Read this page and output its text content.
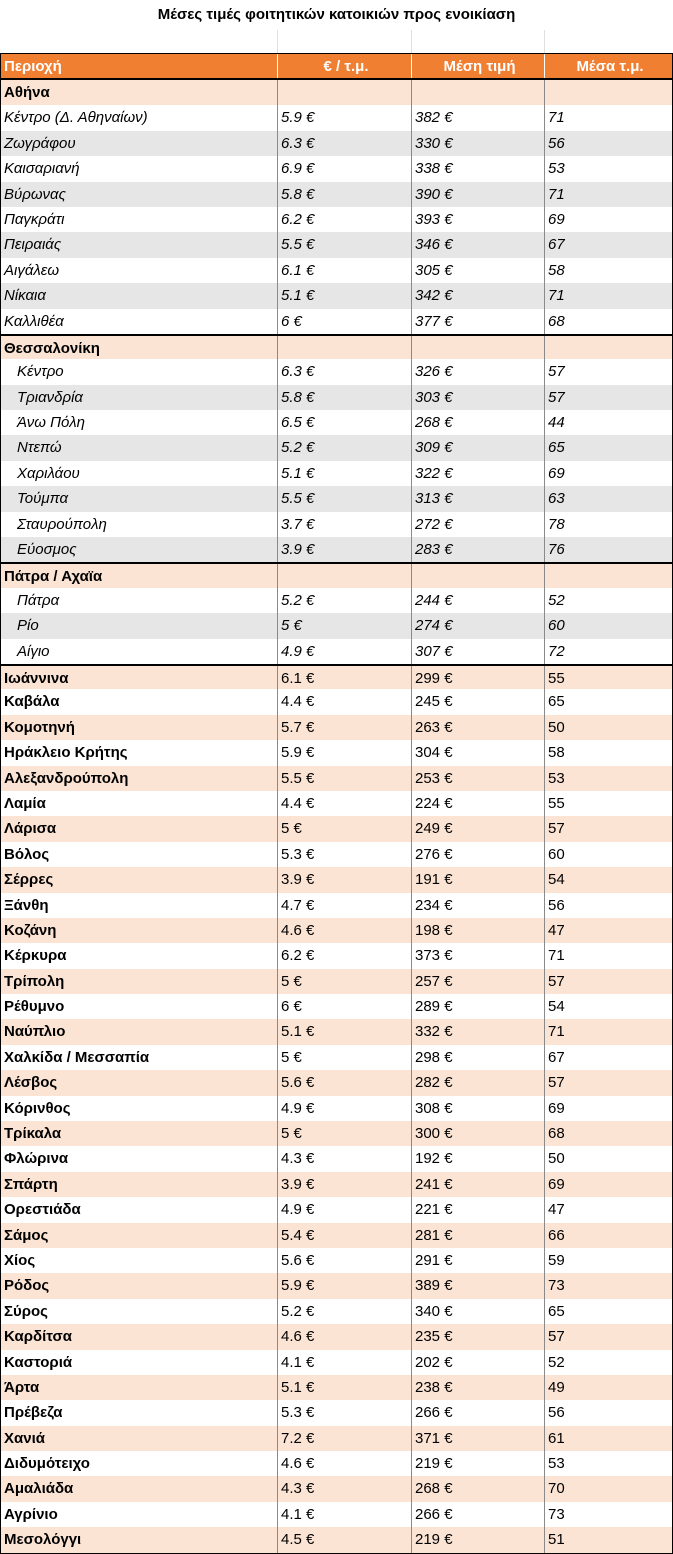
Μέσες τιμές φοιτητικών κατοικιών προς ενοικίαση
Περιοχή	€ / τ.μ.	Μέση τιμή	Μέσα τ.μ.
Αθήνα
Κέντρο (Δ. Αθηναίων)	5.9 €	382 €	71
Ζωγράφου	6.3 €	330 €	56
Καισαριανή	6.9 €	338 €	53
Βύρωνας	5.8 €	390 €	71
Παγκράτι	6.2 €	393 €	69
Πειραιάς	5.5 €	346 €	67
Αιγάλεω	6.1 €	305 €	58
Νίκαια	5.1 €	342 €	71
Καλλιθέα	6 €	377 €	68
Θεσσαλονίκη
Κέντρο	6.3 €	326 €	57
Τριανδρία	5.8 €	303 €	57
Άνω Πόλη	6.5 €	268 €	44
Ντεπώ	5.2 €	309 €	65
Χαριλάου	5.1 €	322 €	69
Τούμπα	5.5 €	313 €	63
Σταυρούπολη	3.7 €	272 €	78
Εύοσμος	3.9 €	283 €	76
Πάτρα / Αχαϊα
Πάτρα	5.2 €	244 €	52
Ρίο	5 €	274 €	60
Αίγιο	4.9 €	307 €	72
Ιωάννινα	6.1 €	299 €	55
Καβάλα	4.4 €	245 €	65
Κομοτηνή	5.7 €	263 €	50
Ηράκλειο Κρήτης	5.9 €	304 €	58
Αλεξανδρούπολη	5.5 €	253 €	53
Λαμία	4.4 €	224 €	55
Λάρισα	5 €	249 €	57
Βόλος	5.3 €	276 €	60
Σέρρες	3.9 €	191 €	54
Ξάνθη	4.7 €	234 €	56
Κοζάνη	4.6 €	198 €	47
Κέρκυρα	6.2 €	373 €	71
Τρίπολη	5 €	257 €	57
Ρέθυμνο	6 €	289 €	54
Ναύπλιο	5.1 €	332 €	71
Χαλκίδα / Μεσσαπία	5 €	298 €	67
Λέσβος	5.6 €	282 €	57
Κόρινθος	4.9 €	308 €	69
Τρίκαλα	5 €	300 €	68
Φλώρινα	4.3 €	192 €	50
Σπάρτη	3.9 €	241 €	69
Ορεστιάδα	4.9 €	221 €	47
Σάμος	5.4 €	281 €	66
Χίος	5.6 €	291 €	59
Ρόδος	5.9 €	389 €	73
Σύρος	5.2 €	340 €	65
Καρδίτσα	4.6 €	235 €	57
Καστοριά	4.1 €	202 €	52
Άρτα	5.1 €	238 €	49
Πρέβεζα	5.3 €	266 €	56
Χανιά	7.2 €	371 €	61
Διδυμότειχο	4.6 €	219 €	53
Αμαλιάδα	4.3 €	268 €	70
Αγρίνιο	4.1 €	266 €	73
Μεσολόγγι	4.5 €	219 €	51
